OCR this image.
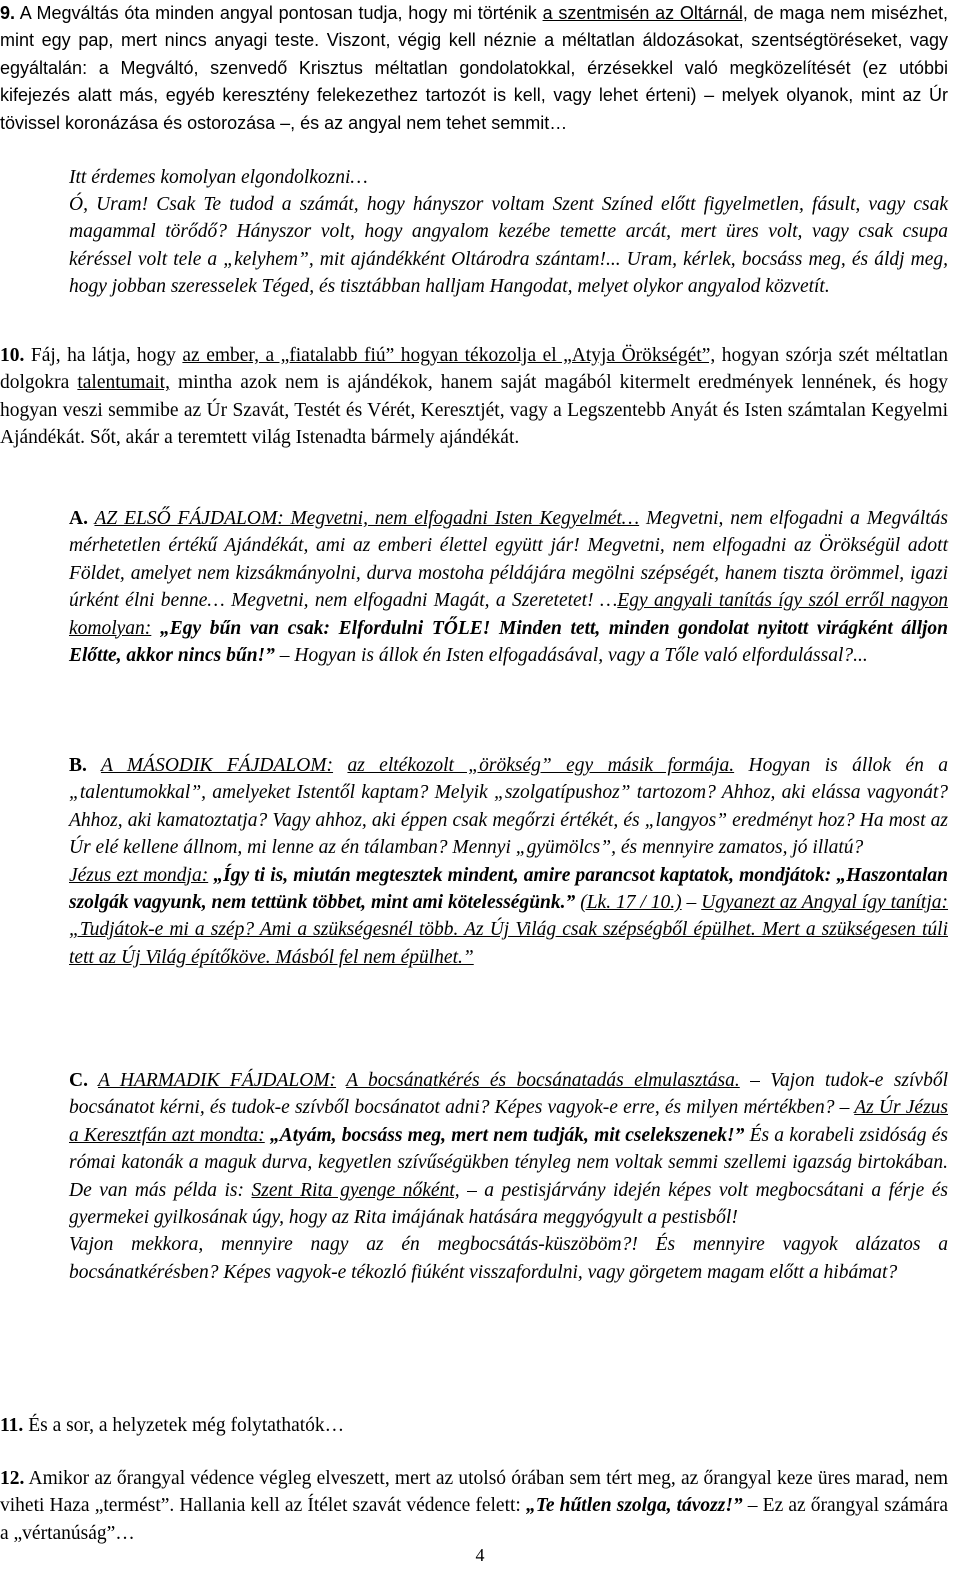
9. A Megváltás óta minden angyal pontosan tudja, hogy mi történik a szentmisén az Oltárnál, de maga nem misézhet, mint egy pap, mert nincs anyagi teste. Viszont, végig kell néznie a méltatlan áldozásokat, szentségtöréseket, vagy egyáltalán: a Megváltó, szenvedő Krisztus méltatlan gondolatokkal, érzésekkel való megközelítését (ez utóbbi kifejezés alatt más, egyéb keresztény felekezethez tartozót is kell, vagy lehet érteni) – melyek olyanok, mint az Úr tövissel koronázása és ostorozása –, és az angyal nem tehet semmit…

Itt érdemes komolyan elgondolkozni…

Ó, Uram! Csak Te tudod a számát, hogy hányszor voltam Szent Színed előtt figyelmetlen, fásult, vagy csak magammal törődő? Hányszor volt, hogy angyalom kezébe temette arcát, mert üres volt, vagy csak csupa kéréssel volt tele a „kelyhem”, mit ajándékként Oltárodra szántam!... Uram, kérlek, bocsáss meg, és áldj meg, hogy jobban szeresselek Téged, és tisztábban halljam Hangodat, melyet olykor angyalod közvetít.

10. Fáj, ha látja, hogy az ember, a „fiatalabb fiú” hogyan tékozolja el „Atyja Örökségét”, hogyan szórja szét méltatlan dolgokra talentumait, mintha azok nem is ajándékok, hanem saját magából kitermelt eredmények lennének, és hogy hogyan veszi semmibe az Úr Szavát, Testét és Vérét, Keresztjét, vagy a Legszentebb Anyát és Isten számtalan Kegyelmi Ajándékát. Sőt, akár a teremtett világ Istenadta bármely ajándékát.

A. AZ ELSŐ FÁJDALOM: Megvetni, nem elfogadni Isten Kegyelmét… Megvetni, nem elfogadni a Megváltás mérhetetlen értékű Ajándékát, ami az emberi élettel együtt jár! Megvetni, nem elfogadni az Örökségül adott Földet, amelyet nem kizsákmányolni, durva mostoha példájára megölni szépségét, hanem tiszta örömmel, igazi úrként élni benne… Megvetni, nem elfogadni Magát, a Szeretetet! …Egy angyali tanítás így szól erről nagyon komolyan: „Egy bűn van csak: Elfordulni TŐLE! Minden tett, minden gondolat nyitott virágként álljon Előtte, akkor nincs bűn!” – Hogyan is állok én Isten elfogadásával, vagy a Tőle való elfordulással?...

B. A MÁSODIK FÁJDALOM: az eltékozolt „örökség” egy másik formája. Hogyan is állok én a „talentumokkal”, amelyeket Istentől kaptam? Melyik „szolgatípushoz” tartozom? Ahhoz, aki elássa vagyonát? Ahhoz, aki kamatoztatja? Vagy ahhoz, aki éppen csak megőrzi értékét, és „langyos” eredményt hoz? Ha most az Úr elé kellene állnom, mi lenne az én tálamban? Mennyi „gyümölcs”, és mennyire zamatos, jó illatú?
Jézus ezt mondja: „Így ti is, miután megtesztek mindent, amire parancsot kaptatok, mondjátok: „Haszontalan szolgák vagyunk, nem tettünk többet, mint ami kötelességünk.” (Lk. 17 / 10.) – Ugyanezt az Angyal így tanítja: „Tudjátok-e mi a szép? Ami a szükségesnél több. Az Új Világ csak szépségből épülhet. Mert a szükségesen túli tett az Új Világ építőköve. Másból fel nem épülhet.”

C. A HARMADIK FÁJDALOM: A bocsánatkérés és bocsánatadás elmulasztása. – Vajon tudok-e szívből bocsánatot kérni, és tudok-e szívből bocsánatot adni? Képes vagyok-e erre, és milyen mértékben? – Az Úr Jézus a Keresztfán azt mondta: „Atyám, bocsáss meg, mert nem tudják, mit cselekszenek!” És a korabeli zsidóság és római katonák a maguk durva, kegyetlen szívűségükben tényleg nem voltak semmi szellemi igazság birtokában. De van más példa is: Szent Rita gyenge nőként, – a pestisjárvány idején képes volt megbocsátani a férje és gyermekei gyilkosának úgy, hogy az Rita imájának hatására meggyógyult a pestisből!
Vajon mekkora, mennyire nagy az én megbocsátás-küszöböm?! És mennyire vagyok alázatos a bocsánatkérésben? Képes vagyok-e tékozló fiúként visszafordulni, vagy görgetem magam előtt a hibámat?

11. És a sor, a helyzetek még folytathatók…

12. Amikor az őrangyal védence végleg elveszett, mert az utolsó órában sem tért meg, az őrangyal keze üres marad, nem viheti Haza „termést”. Hallania kell az Ítélet szavát védence felett: „Te hűtlen szolga, távozz!” – Ez az őrangyal számára a „vértanúság”…

4
